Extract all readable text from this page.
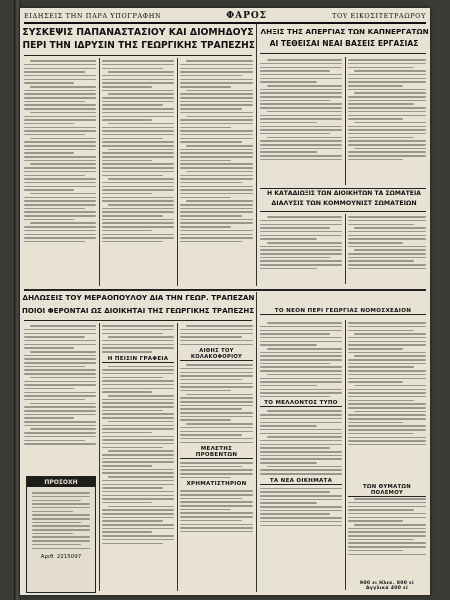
ΕΙΔΗΣΕΙΣ ΤΗΝ ΠΑΡΑ ΥΠΟΓΡΑΦΗΝ	ΦΑΡΟΣ	ΤΟΥ ΕΙΚΟΣΙΤΕΤΡΑΩΡΟΥ
ΣΥΣΚΕΨΙΣ ΠΑΠΑΝΑΣΤΑΣΙΟΥ ΚΑΙ ΔΙΟΜΗΔΟΥΣ
ΠΕΡΙ ΤΗΝ ΙΔΡΥΣΙΝ ΤΗΣ ΓΕΩΡΓΙΚΗΣ ΤΡΑΠΕΖΗΣ
ΛΗΞΙΣ ΤΗΣ ΑΠΕΡΓΙΑΣ ΤΩΝ ΚΑΠΝΕΡΓΑΤΩΝ
ΑΙ ΤΕΘΕΙΣΑΙ ΝΕΑΙ ΒΑΣΕΙΣ ΕΡΓΑΣΙΑΣ
Η ΚΑΤΑΔΙΩΞΙΣ ΤΩΝ ΔΙΟΙΚΗΤΩΝ ΤΑ ΣΩΜΑΤΕΙΑ
ΔΙΑΛΥΣΙΣ ΤΩΝ ΚΟΜΜΟΥΝΙΣΤ ΣΩΜΑΤΕΙΩΝ
ΔΗΛΩΣΕΙΣ ΤΟΥ ΜΕΡΑΟΠΟΥΛΟΥ ΔΙΑ ΤΗΝ ΓΕΩΡ. ΤΡΑΠΕΖΑΝ
ΠΟΙΟΙ ΦΕΡΟΝΤΑΙ ΩΣ ΔΙΟΙΚΗΤΑΙ ΤΗΣ ΓΕΩΡΓΙΚΗΣ ΤΡΑΠΕΖΗΣ
ΠΡΟΣΟΧΗ
Αριθ. 2215097
Η ΠΕΙΣΙΝ ΓΡΑΦΕΙΑ
ΑΙΘΗΣ ΤΟΥ ΚΟΛΑΚΟΦΟΡΙΟΥ
ΜΕΛΕΤΗΣ ΠΡΟΒΕΝΤΩΝ
ΧΡΗΜΑΤΙΣΤΗΡΙΟΝ
ΤΟ ΝΕΟΝ ΠΕΡΙ ΓΕΩΡΓΙΑΣ ΝΟΜΟΣΧΕΔΙΟΝ
ΤΟ ΜΕΛΛΟΝΤΟΣ ΤΥΠΟ
ΤΑ ΝΕΑ ΟΙΚΗΜΑΤΑ
ΤΩΝ ΘΥΜΑΤΩΝ ΠΟΛΕΜΟΥ
900 ει Ηλεκ. 800 εί Αγγλικά 400 εί
